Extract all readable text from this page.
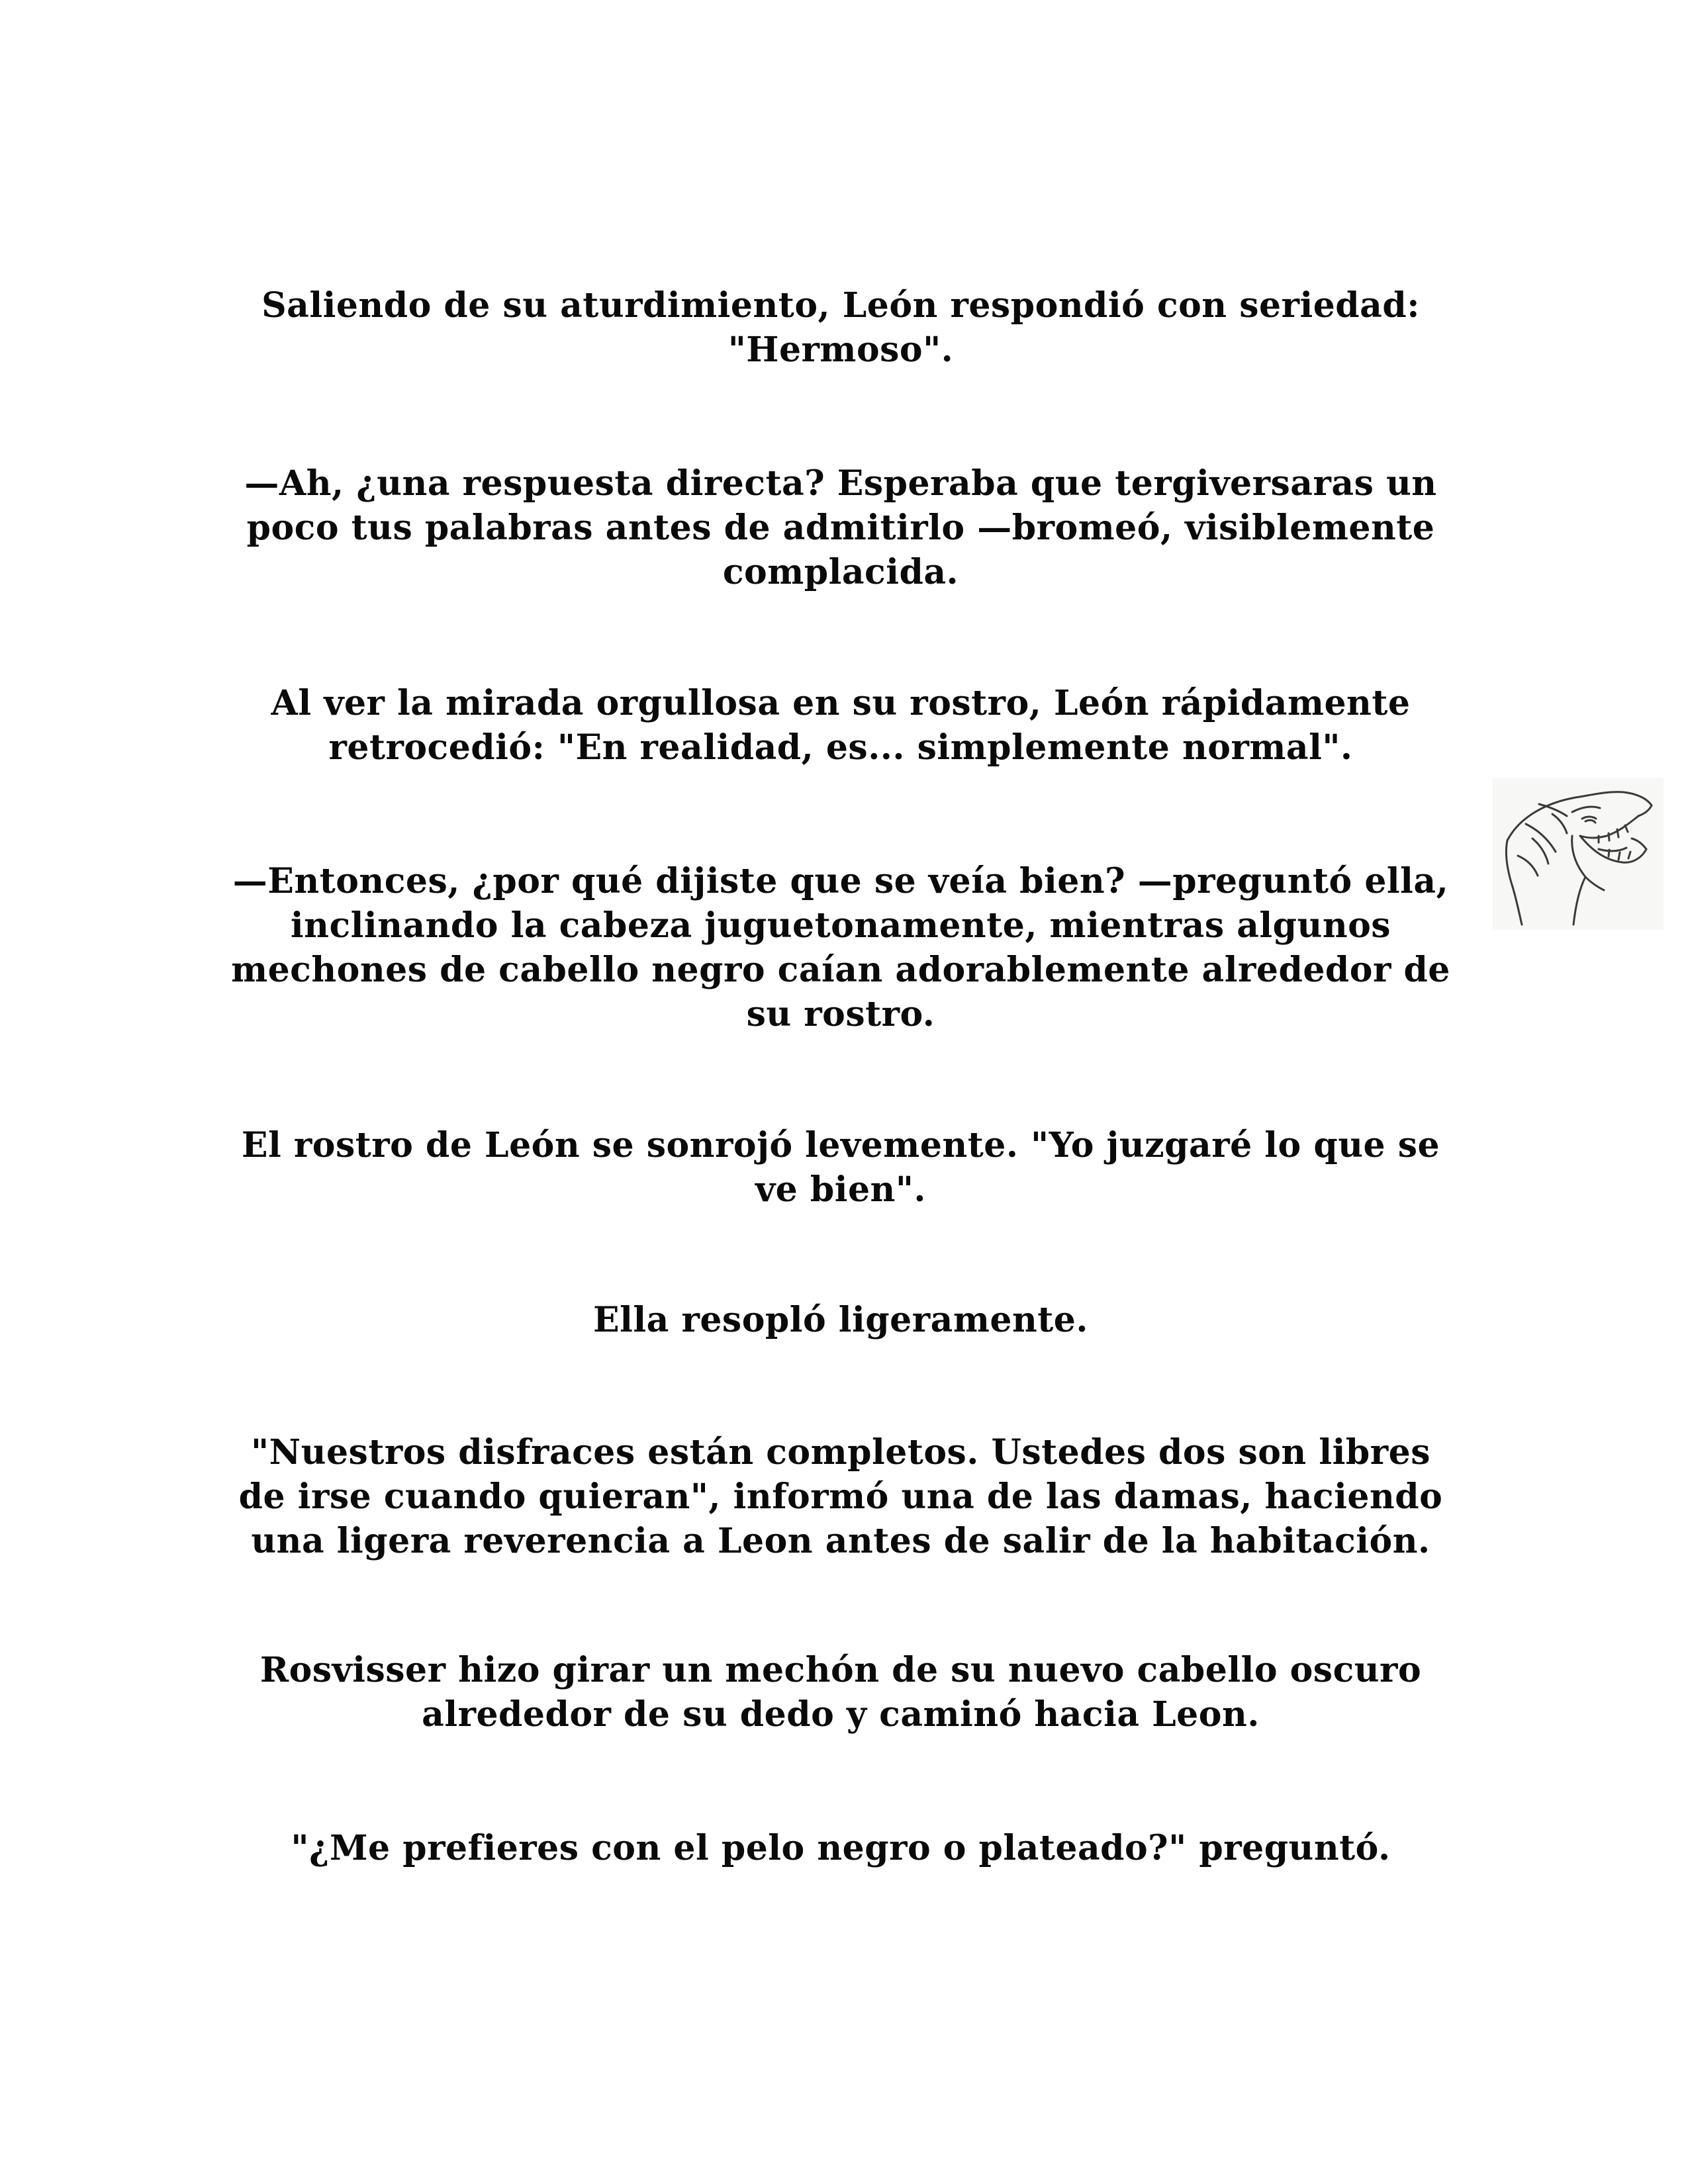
Saliendo de su aturdimiento, León respondió con seriedad: "Hermoso".

—Ah, ¿una respuesta directa? Esperaba que tergiversaras un poco tus palabras antes de admitirlo —bromeó, visiblemente complacida.

Al ver la mirada orgullosa en su rostro, León rápidamente retrocedió: "En realidad, es... simplemente normal".

—Entonces, ¿por qué dijiste que se veía bien? —preguntó ella, inclinando la cabeza juguetonamente, mientras algunos mechones de cabello negro caían adorablemente alrededor de su rostro.

El rostro de León se sonrojó levemente. "Yo juzgaré lo que se ve bien".

Ella resopló ligeramente.

"Nuestros disfraces están completos. Ustedes dos son libres de irse cuando quieran", informó una de las damas, haciendo una ligera reverencia a Leon antes de salir de la habitación.

Rosvisser hizo girar un mechón de su nuevo cabello oscuro alrededor de su dedo y caminó hacia Leon.

"¿Me prefieres con el pelo negro o plateado?" preguntó.
